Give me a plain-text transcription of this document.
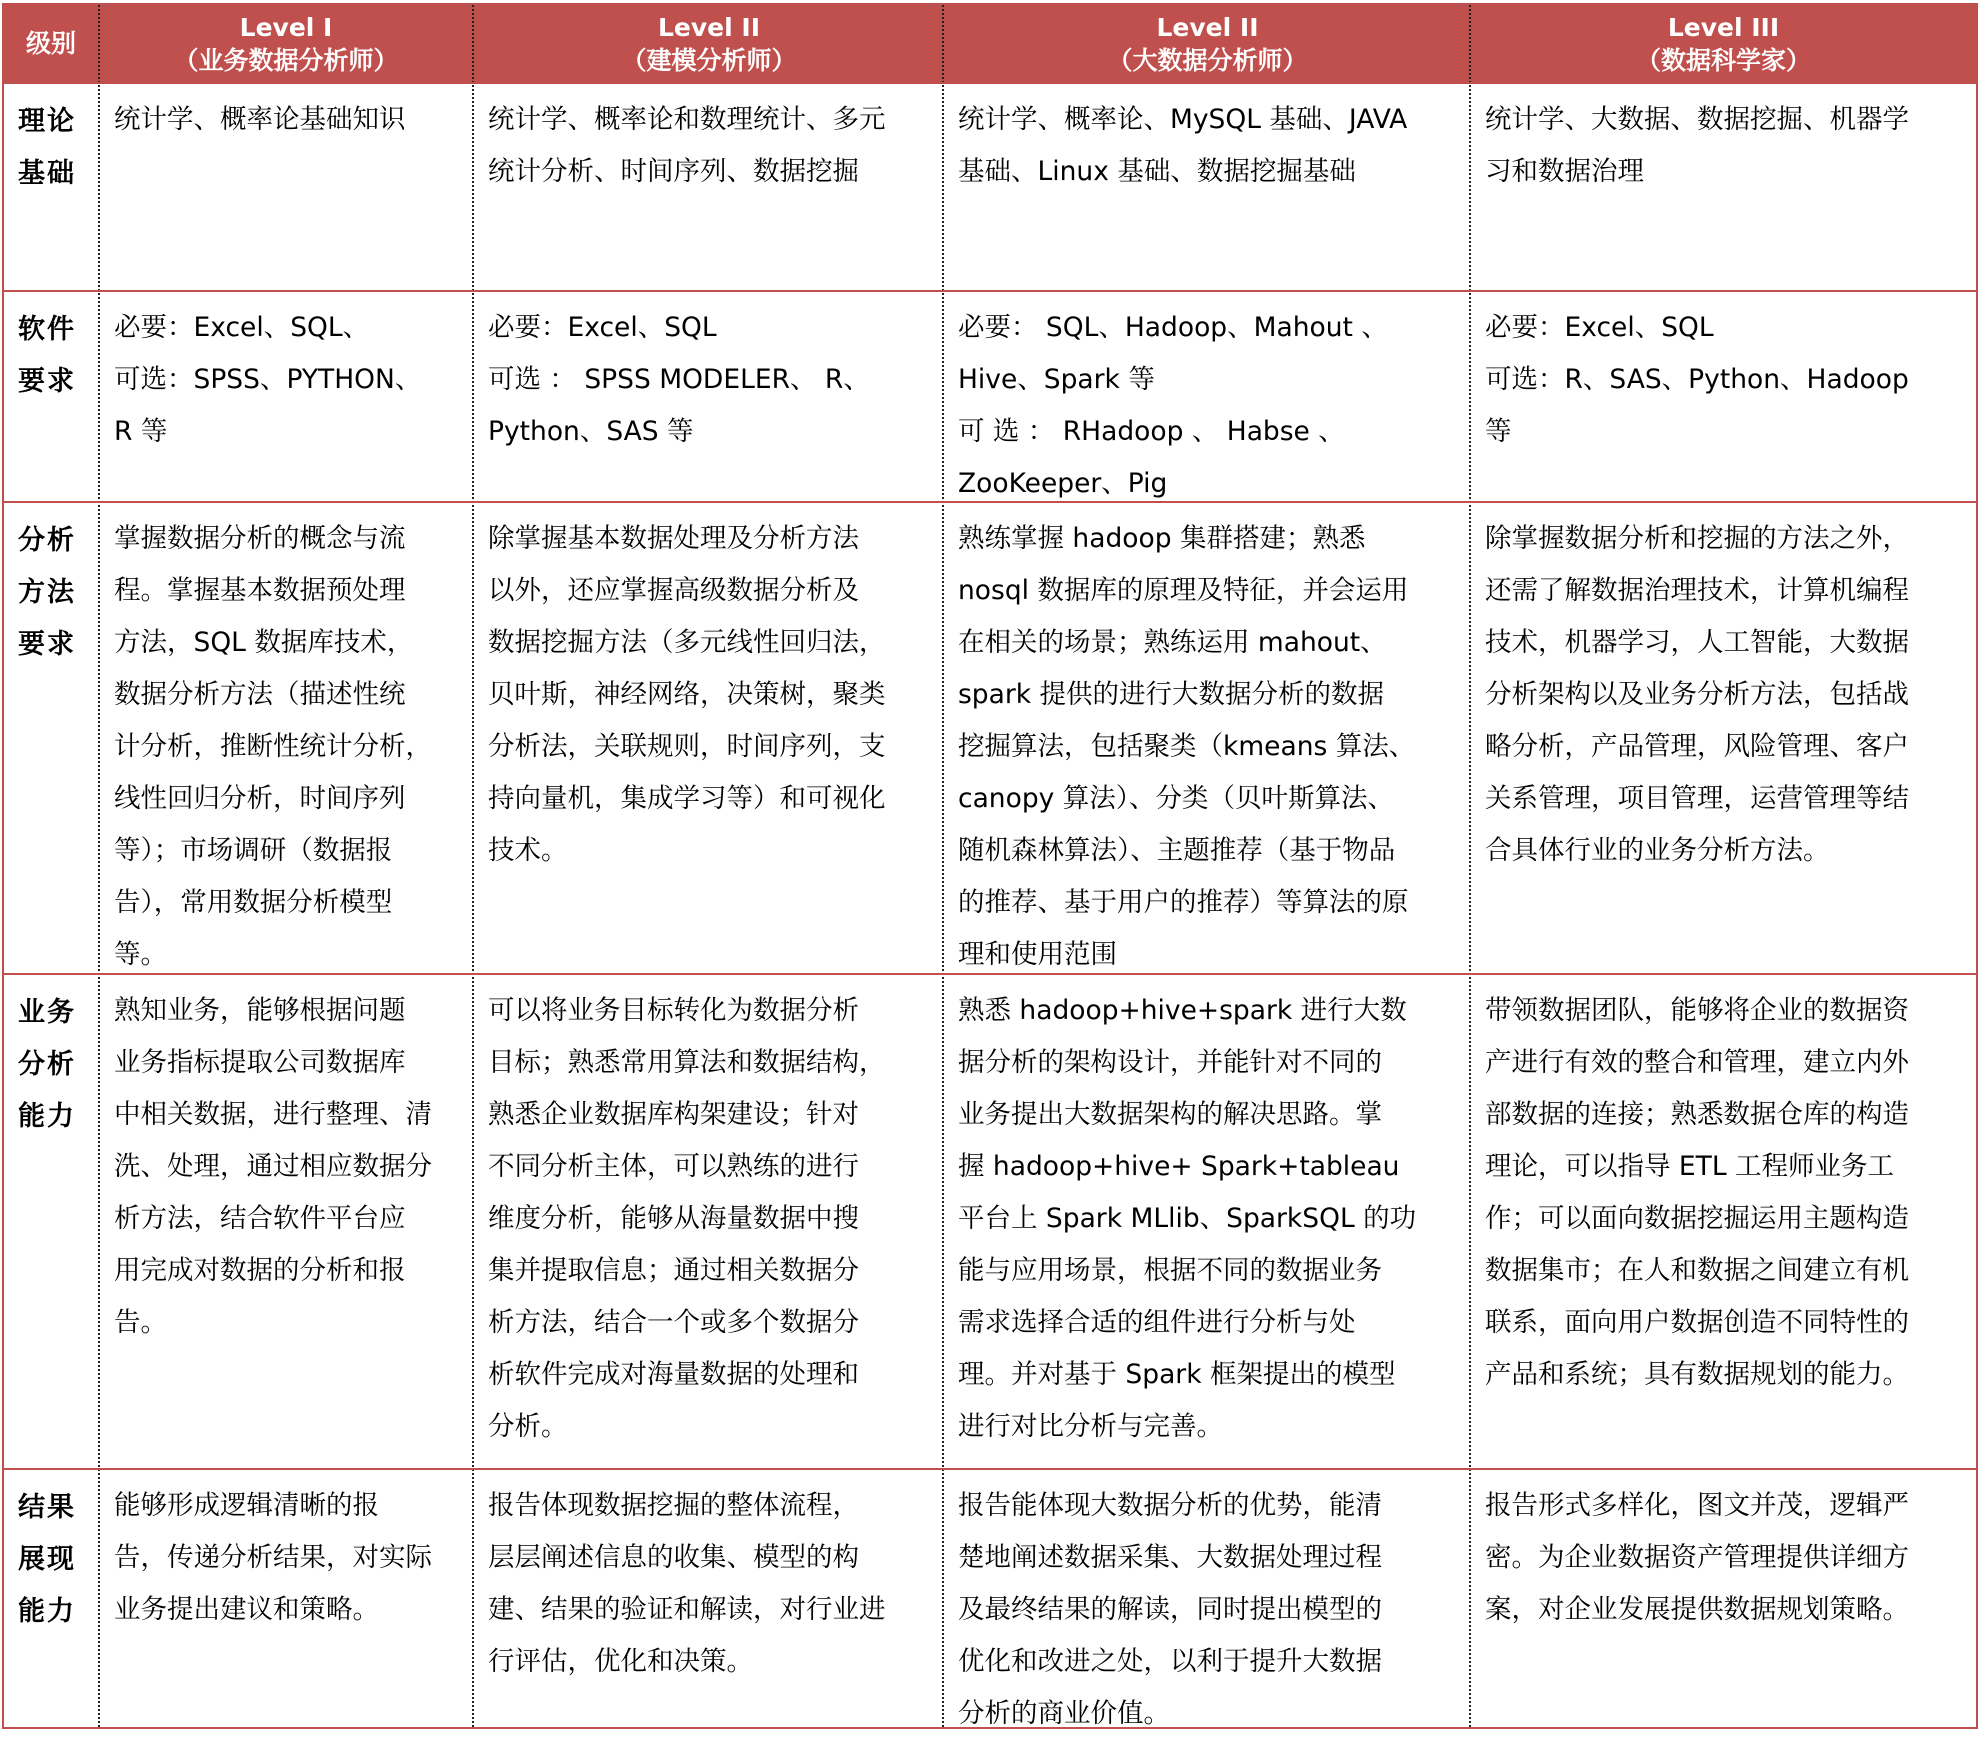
级别
Level I
（业务数据分析师）
Level II
（建模分析师）
Level II
（大数据分析师）
Level III
（数据科学家）
理论
基础
统计学、概率论基础知识	统计学、概率论和数理统计、多元
统计分析、时间序列、数据挖掘
统计学、概率论、MySQL 基础、JAVA
基础、Linux 基础、数据挖掘基础
统计学、大数据、数据挖掘、机器学
习和数据治理
软件
要求
必要：Excel、SQL、
可选：SPSS、PYTHON、
R 等
必要：Excel、SQL
可选 ： SPSS MODELER、 R、
Python、SAS 等
必要： SQL、Hadoop、Mahout 、
Hive、Spark 等
可 选 ： RHadoop 、 Habse 、
ZooKeeper、Pig
必要：Excel、SQL
可选：R、SAS、Python、Hadoop
等
分析
方法
要求
掌握数据分析的概念与流
程。掌握基本数据预处理
方法，SQL 数据库技术，
数据分析方法（描述性统
计分析，推断性统计分析，
线性回归分析，时间序列
等）；市场调研（数据报
告），常用数据分析模型
等。
除掌握基本数据处理及分析方法
以外，还应掌握高级数据分析及
数据挖掘方法（多元线性回归法，
贝叶斯，神经网络，决策树，聚类
分析法，关联规则，时间序列，支
持向量机，集成学习等）和可视化
技术。
熟练掌握 hadoop 集群搭建；熟悉
nosql 数据库的原理及特征，并会运用
在相关的场景；熟练运用 mahout、
spark 提供的进行大数据分析的数据
挖掘算法，包括聚类（kmeans 算法、
canopy 算法）、分类（贝叶斯算法、
随机森林算法）、主题推荐（基于物品
的推荐、基于用户的推荐）等算法的原
理和使用范围
除掌握数据分析和挖掘的方法之外，
还需了解数据治理技术，计算机编程
技术，机器学习，人工智能，大数据
分析架构以及业务分析方法，包括战
略分析，产品管理，风险管理、客户
关系管理，项目管理，运营管理等结
合具体行业的业务分析方法。
业务
分析
能力
熟知业务，能够根据问题
业务指标提取公司数据库
中相关数据，进行整理、清
洗、处理，通过相应数据分
析方法，结合软件平台应
用完成对数据的分析和报
告。
可以将业务目标转化为数据分析
目标；熟悉常用算法和数据结构，
熟悉企业数据库构架建设；针对
不同分析主体，可以熟练的进行
维度分析，能够从海量数据中搜
集并提取信息；通过相关数据分
析方法，结合一个或多个数据分
析软件完成对海量数据的处理和
分析。
熟悉 hadoop+hive+spark 进行大数
据分析的架构设计，并能针对不同的
业务提出大数据架构的解决思路。掌
握 hadoop+hive+ Spark+tableau
平台上 Spark MLlib、SparkSQL 的功
能与应用场景，根据不同的数据业务
需求选择合适的组件进行分析与处
理。并对基于 Spark 框架提出的模型
进行对比分析与完善。
带领数据团队，能够将企业的数据资
产进行有效的整合和管理，建立内外
部数据的连接；熟悉数据仓库的构造
理论，可以指导 ETL 工程师业务工
作；可以面向数据挖掘运用主题构造
数据集市；在人和数据之间建立有机
联系，面向用户数据创造不同特性的
产品和系统；具有数据规划的能力。
结果
展现
能力
能够形成逻辑清晰的报
告，传递分析结果，对实际
业务提出建议和策略。
报告体现数据挖掘的整体流程，
层层阐述信息的收集、模型的构
建、结果的验证和解读，对行业进
行评估，优化和决策。
报告能体现大数据分析的优势，能清
楚地阐述数据采集、大数据处理过程
及最终结果的解读，同时提出模型的
优化和改进之处，以利于提升大数据
分析的商业价值。
报告形式多样化，图文并茂，逻辑严
密。为企业数据资产管理提供详细方
案，对企业发展提供数据规划策略。
